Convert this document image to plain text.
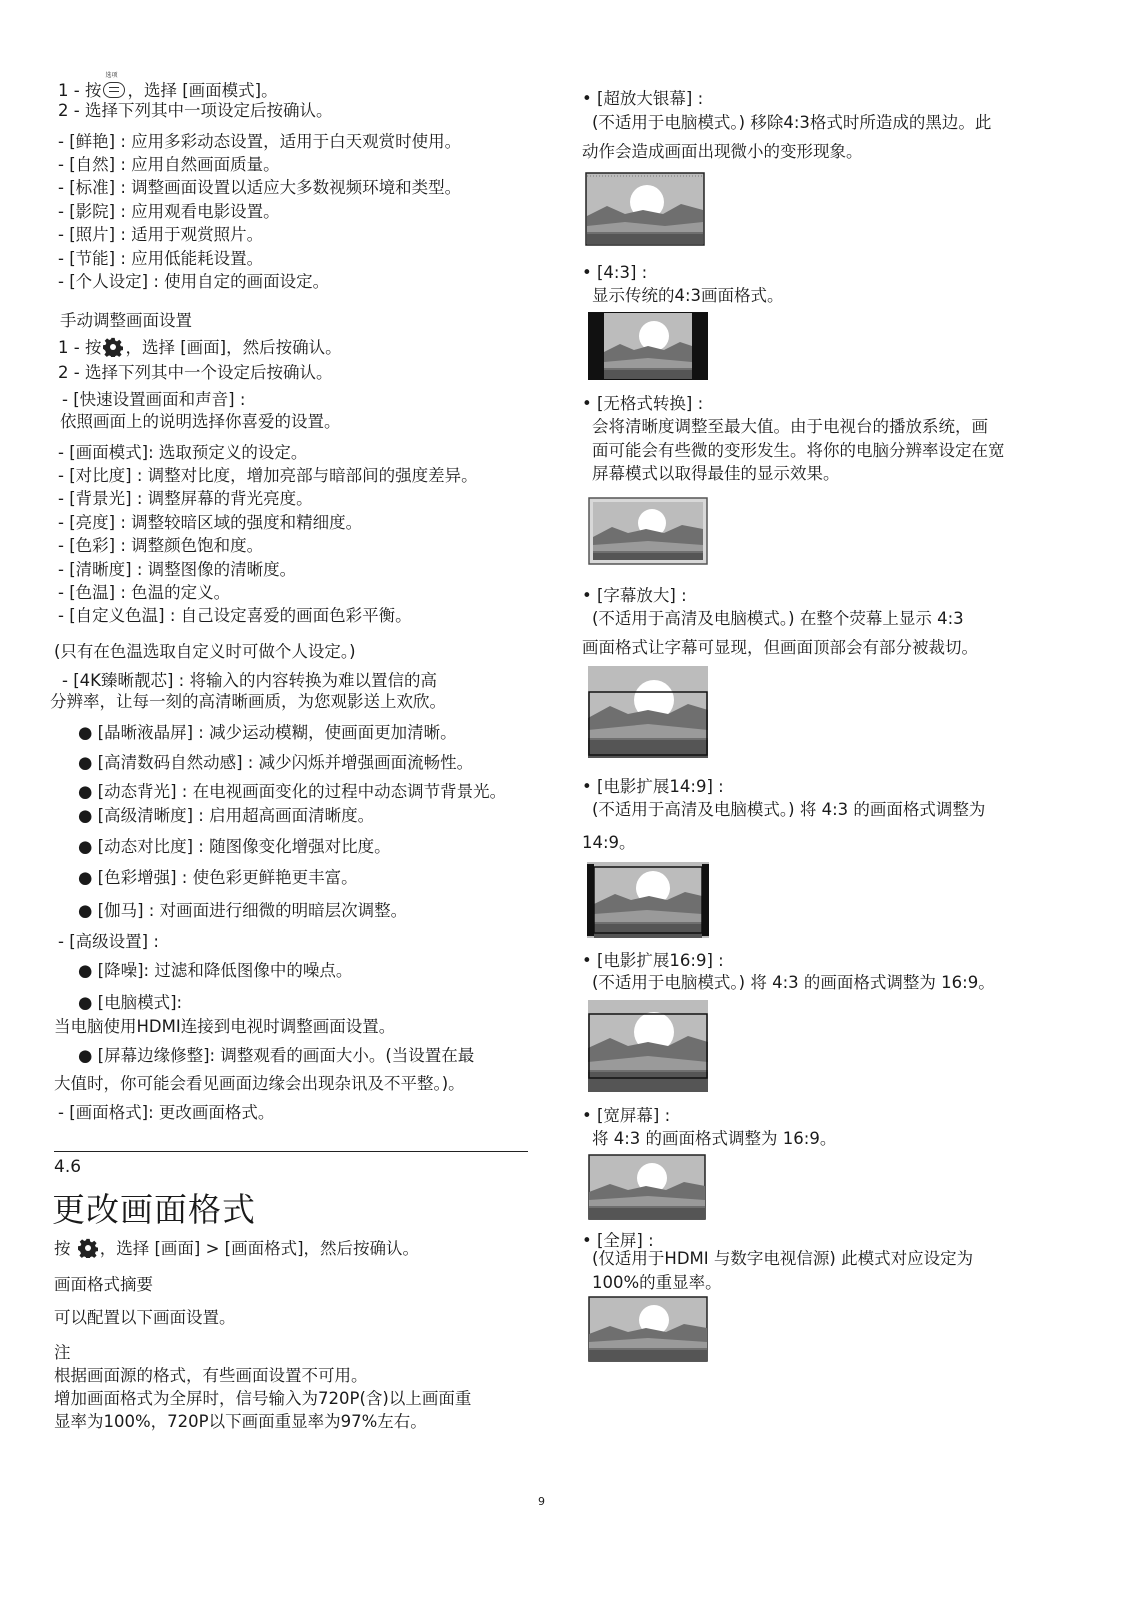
1 - 按
选项
，选择 [画面模式]。
2 - 选择下列其中一项设定后按确认。
- [鲜艳] : 应用多彩动态设置，适用于白天观赏时使用。
- [自然] : 应用自然画面质量。
- [标准] : 调整画面设置以适应大多数视频环境和类型。
- [影院] : 应用观看电影设置。
- [照片] : 适用于观赏照片。
- [节能] : 应用低能耗设置。
- [个人设定] : 使用自定的画面设定。
手动调整画面设置
1 - 按 ，选择 [画面]，然后按确认。
2 - 选择下列其中一个设定后按确认。
- [快速设置画面和声音] :
依照画面上的说明选择你喜爱的设置。
- [画面模式]: 选取预定义的设定。
- [对比度] : 调整对比度，增加亮部与暗部间的强度差异。
- [背景光] : 调整屏幕的背光亮度。
- [亮度] : 调整较暗区域的强度和精细度。
- [色彩] : 调整颜色饱和度。
- [清晰度] : 调整图像的清晰度。
- [色温] : 色温的定义。
- [自定义色温] : 自己设定喜爱的画面色彩平衡。
(只有在色温选取自定义时可做个人设定。)
- [4K臻晰靓芯] : 将输入的内容转换为难以置信的高
分辨率，让每一刻的高清晰画质，为您观影送上欢欣。
● [晶晰液晶屏] : 减少运动模糊，使画面更加清晰。
● [高清数码自然动感] : 减少闪烁并增强画面流畅性。
● [动态背光] : 在电视画面变化的过程中动态调节背景光。
● [高级清晰度] : 启用超高画面清晰度。
● [动态对比度] : 随图像变化增强对比度。
● [色彩增强] : 使色彩更鲜艳更丰富。
● [伽马] : 对画面进行细微的明暗层次调整。
- [高级设置] :
● [降噪]: 过滤和降低图像中的噪点。
● [电脑模式]:
当电脑使用HDMI连接到电视时调整画面设置。
● [屏幕边缘修整]: 调整观看的画面大小。(当设置在最
大值时，你可能会看见画面边缘会出现杂讯及不平整。)。
- [画面格式]: 更改画面格式。
4.6
更改画面格式
按 ，选择 [画面] > [画面格式]，然后按确认。
画面格式摘要
可以配置以下画面设置。
注
根据画面源的格式，有些画面设置不可用。
增加画面格式为全屏时，信号输入为720P(含)以上画面重
显率为100%，720P以下画面重显率为97%左右。
• [超放大银幕] :
(不适用于电脑模式。) 移除4:3格式时所造成的黑边。此
动作会造成画面出现微小的变形现象。
• [4:3] :
显示传统的4:3画面格式。
• [无格式转换] :
会将清晰度调整至最大值。由于电视台的播放系统，画
面可能会有些微的变形发生。将你的电脑分辨率设定在宽
屏幕模式以取得最佳的显示效果。
• [字幕放大] :
(不适用于高清及电脑模式。) 在整个荧幕上显示 4:3
画面格式让字幕可显现，但画面顶部会有部分被裁切。
• [电影扩展14:9] :
(不适用于高清及电脑模式。) 将 4:3 的画面格式调整为
14:9。
• [电影扩展16:9] :
(不适用于电脑模式。) 将 4:3 的画面格式调整为 16:9。
• [宽屏幕] :
将 4:3 的画面格式调整为 16:9。
• [全屏] :
(仅适用于HDMI 与数字电视信源) 此模式对应设定为
100%的重显率。
9
